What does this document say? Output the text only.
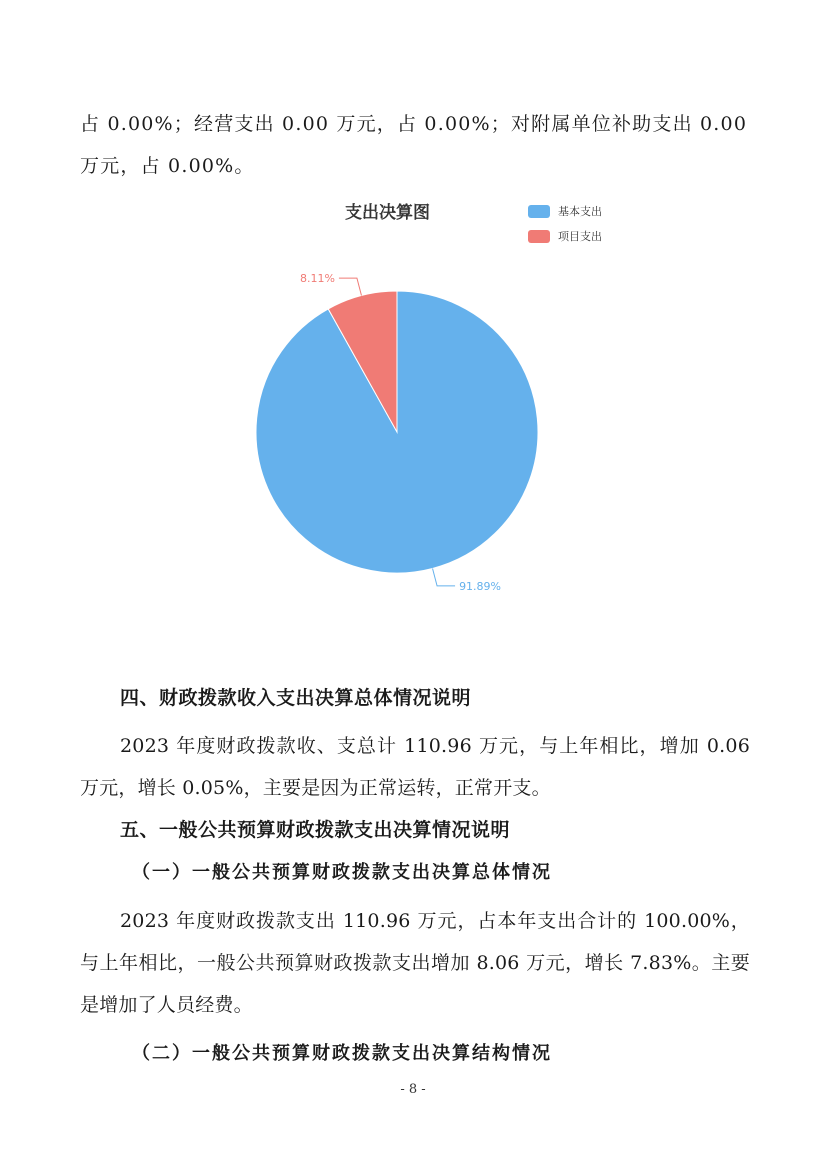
占 0.00%；经营支出 0.00 万元，占 0.00%；对附属单位补助支出 0.00

万元，占 0.00%。

支出决算图	基本支出
项目支出
91.89%
8.11%
四、财政拨款收入支出决算总体情况说明

2023 年度财政拨款收、支总计 110.96 万元，与上年相比，增加 0.06 万元，增长 0.05%，主要是因为正常运转，正常开支。

五、一般公共预算财政拨款支出决算情况说明
（一）一般公共预算财政拨款支出决算总体情况

2023 年度财政拨款支出 110.96 万元，占本年支出合计的 100.00%，与上年相比，一般公共预算财政拨款支出增加 8.06 万元，增长 7.83%。主要是增加了人员经费。

（二）一般公共预算财政拨款支出决算结构情况
- 8 -
